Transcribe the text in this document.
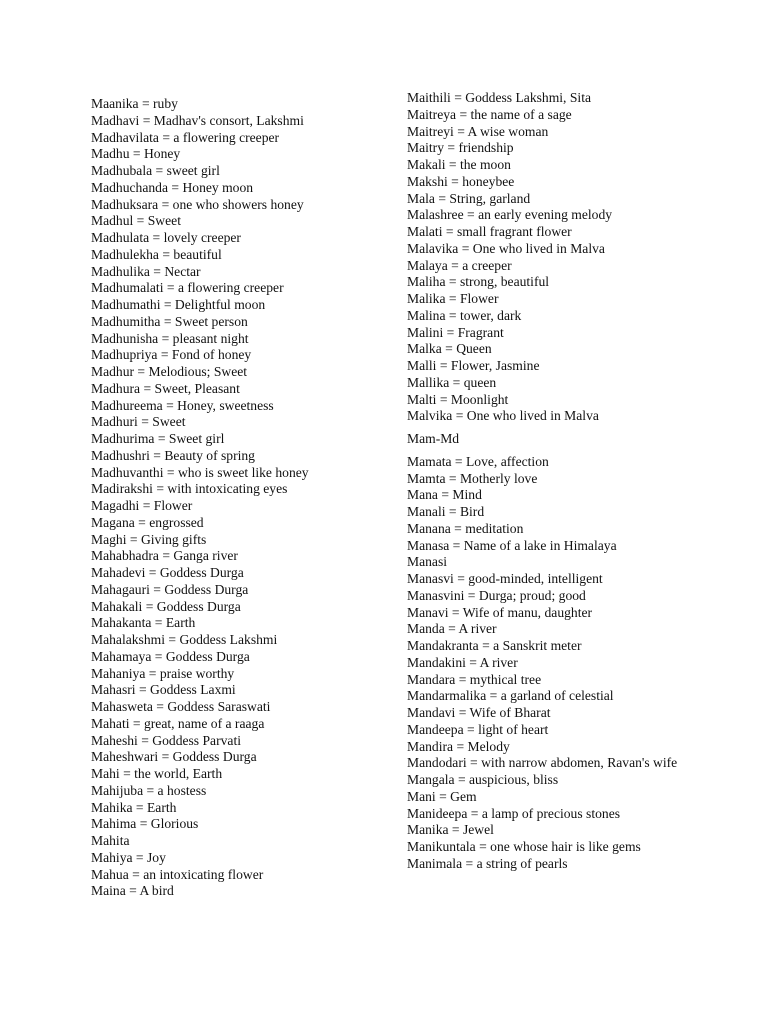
Maanika = ruby
Madhavi = Madhav's consort, Lakshmi
Madhavilata = a flowering creeper
Madhu = Honey
Madhubala = sweet girl
Madhuchanda = Honey moon
Madhuksara = one who showers honey
Madhul = Sweet
Madhulata = lovely creeper
Madhulekha = beautiful
Madhulika = Nectar
Madhumalati = a flowering creeper
Madhumathi = Delightful moon
Madhumitha = Sweet person
Madhunisha = pleasant night
Madhupriya = Fond of honey
Madhur = Melodious; Sweet
Madhura = Sweet, Pleasant
Madhureema = Honey, sweetness
Madhuri = Sweet
Madhurima = Sweet girl
Madhushri = Beauty of spring
Madhuvanthi = who is sweet like honey
Madirakshi = with intoxicating eyes
Magadhi = Flower
Magana = engrossed
Maghi = Giving gifts
Mahabhadra = Ganga river
Mahadevi = Goddess Durga
Mahagauri = Goddess Durga
Mahakali = Goddess Durga
Mahakanta = Earth
Mahalakshmi = Goddess Lakshmi
Mahamaya = Goddess Durga
Mahaniya = praise worthy
Mahasri = Goddess Laxmi
Mahasweta = Goddess Saraswati
Mahati = great, name of a raaga
Maheshi = Goddess Parvati
Maheshwari = Goddess Durga
Mahi = the world, Earth
Mahijuba = a hostess
Mahika = Earth
Mahima = Glorious
Mahita
Mahiya = Joy
Mahua = an intoxicating flower
Maina = A bird
Maithili = Goddess Lakshmi, Sita
Maitreya = the name of a sage
Maitreyi = A wise woman
Maitry = friendship
Makali = the moon
Makshi = honeybee
Mala = String, garland
Malashree = an early evening melody
Malati = small fragrant flower
Malavika = One who lived in Malva
Malaya = a creeper
Maliha = strong, beautiful
Malika = Flower
Malina = tower, dark
Malini = Fragrant
Malka = Queen
Malli = Flower, Jasmine
Mallika = queen
Malti = Moonlight
Malvika = One who lived in Malva
Mam-Md
Mamata = Love, affection
Mamta = Motherly love
Mana = Mind
Manali = Bird
Manana = meditation
Manasa = Name of a lake in Himalaya
Manasi
Manasvi = good-minded, intelligent
Manasvini = Durga; proud; good
Manavi = Wife of manu, daughter
Manda = A river
Mandakranta = a Sanskrit meter
Mandakini = A river
Mandara = mythical tree
Mandarmalika = a garland of celestial
Mandavi = Wife of Bharat
Mandeepa = light of heart
Mandira = Melody
Mandodari = with narrow abdomen, Ravan's wife
Mangala = auspicious, bliss
Mani = Gem
Manideepa = a lamp of precious stones
Manika = Jewel
Manikuntala = one whose hair is like gems
Manimala = a string of pearls
